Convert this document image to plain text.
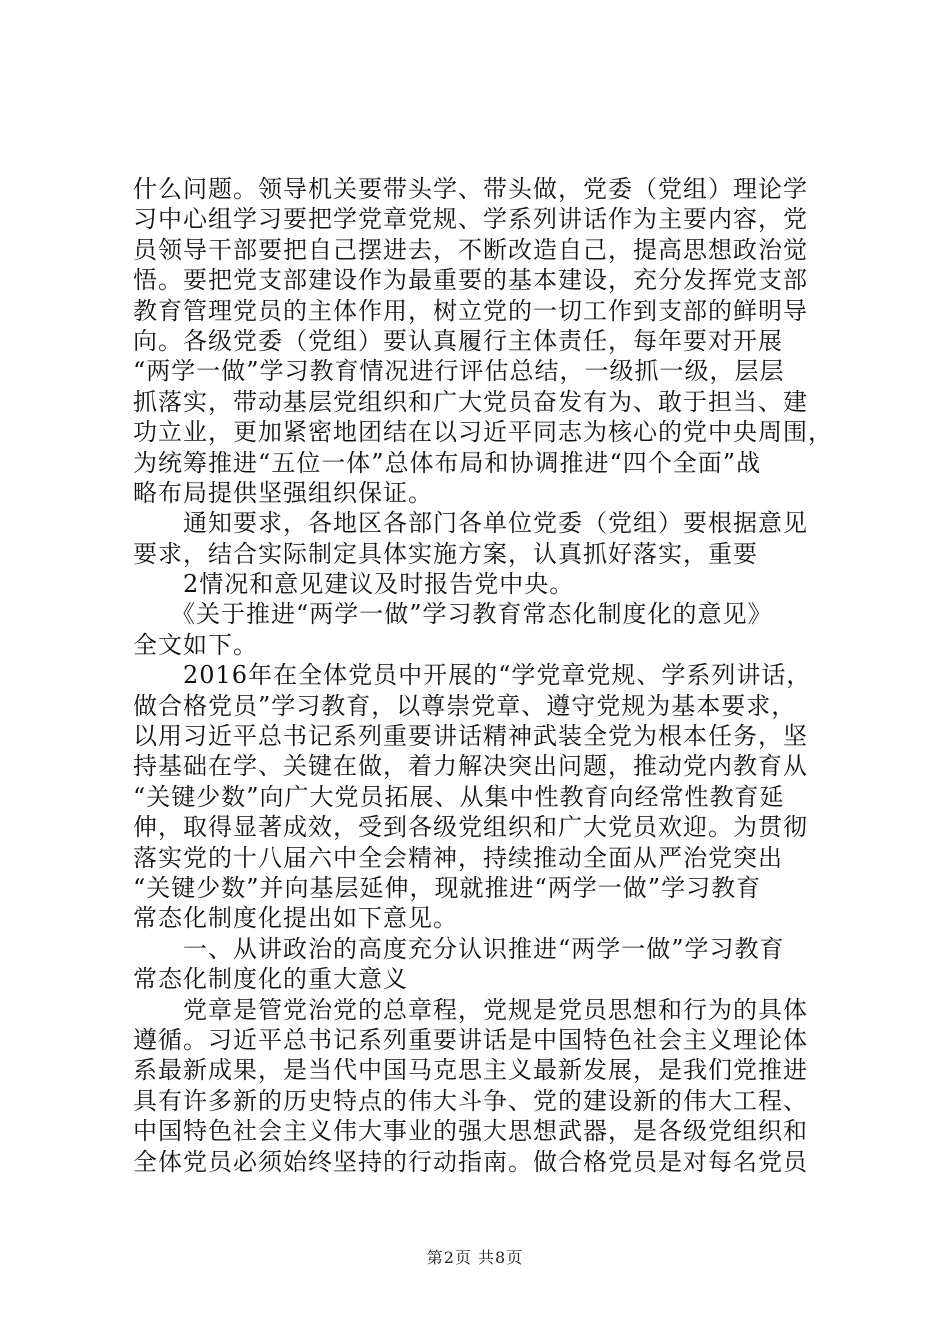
什么问题。领导机关要带头学、带头做，党委（党组）理论学
习中心组学习要把学党章党规、学系列讲话作为主要内容，党
员领导干部要把自己摆进去，不断改造自己，提高思想政治觉
悟。要把党支部建设作为最重要的基本建设，充分发挥党支部
教育管理党员的主体作用，树立党的一切工作到支部的鲜明导
向。各级党委（党组）要认真履行主体责任，每年要对开展
“两学一做”学习教育情况进行评估总结，一级抓一级，层层
抓落实，带动基层党组织和广大党员奋发有为、敢于担当、建
功立业，更加紧密地团结在以习近平同志为核心的党中央周围，
为统筹推进“五位一体”总体布局和协调推进“四个全面”战
略布局提供坚强组织保证。
　　通知要求，各地区各部门各单位党委（党组）要根据意见
要求，结合实际制定具体实施方案，认真抓好落实，重要
　　2情况和意见建议及时报告党中央。
　　《关于推进“两学一做”学习教育常态化制度化的意见》
全文如下。
　　2016年在全体党员中开展的“学党章党规、学系列讲话，
做合格党员”学习教育，以尊崇党章、遵守党规为基本要求，
以用习近平总书记系列重要讲话精神武装全党为根本任务，坚
持基础在学、关键在做，着力解决突出问题，推动党内教育从
“关键少数”向广大党员拓展、从集中性教育向经常性教育延
伸，取得显著成效，受到各级党组织和广大党员欢迎。为贯彻
落实党的十八届六中全会精神，持续推动全面从严治党突出
“关键少数”并向基层延伸，现就推进“两学一做”学习教育
常态化制度化提出如下意见。
　　一、从讲政治的高度充分认识推进“两学一做”学习教育
常态化制度化的重大意义
　　党章是管党治党的总章程，党规是党员思想和行为的具体
遵循。习近平总书记系列重要讲话是中国特色社会主义理论体
系最新成果，是当代中国马克思主义最新发展，是我们党推进
具有许多新的历史特点的伟大斗争、党的建设新的伟大工程、
中国特色社会主义伟大事业的强大思想武器，是各级党组织和
全体党员必须始终坚持的行动指南。做合格党员是对每名党员
第2页 共8页
